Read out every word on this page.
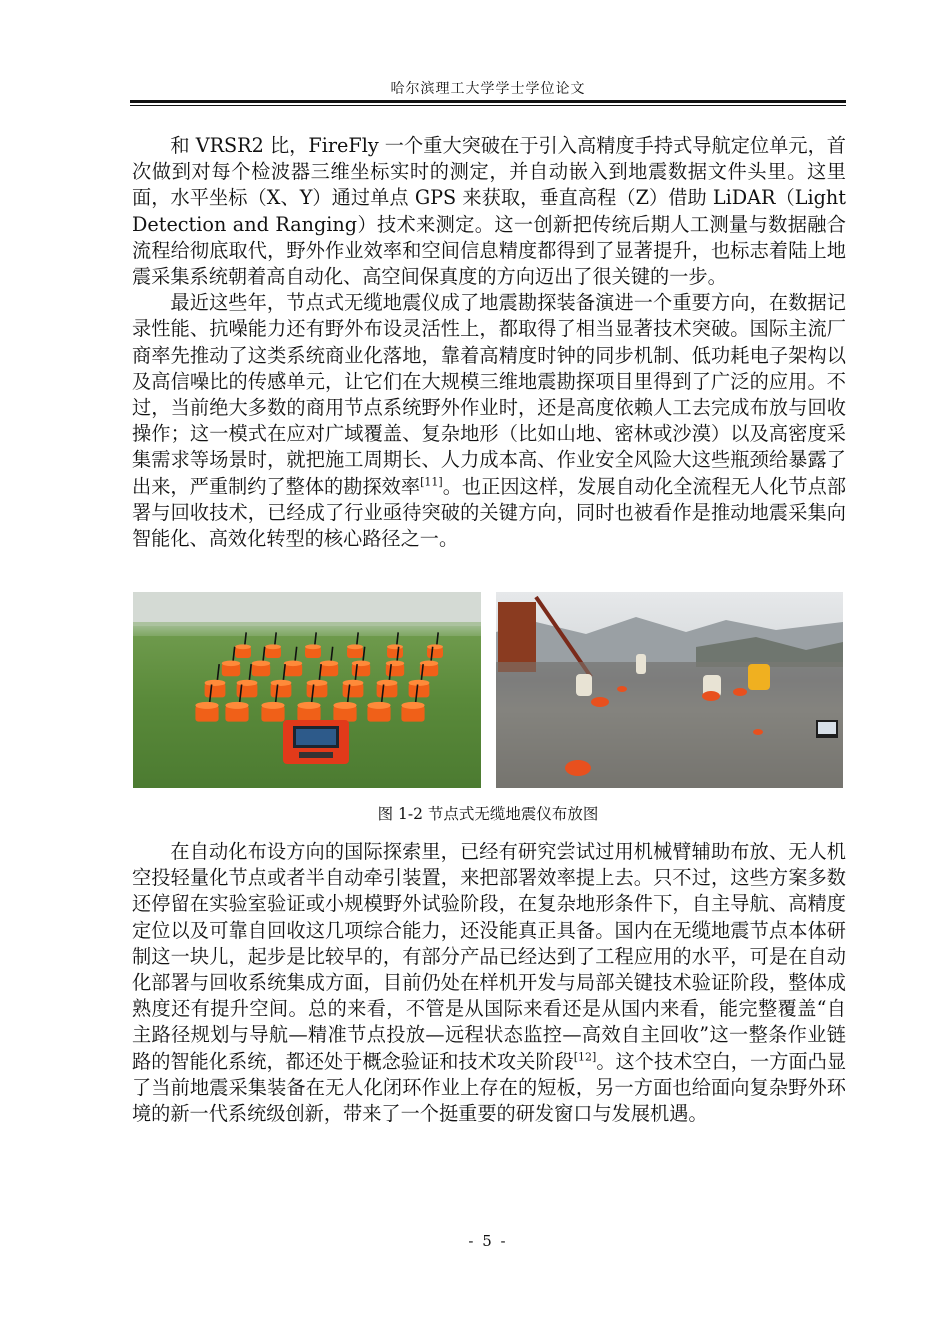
哈尔滨理工大学学士学位论文

和 VRSR2 比，FireFly 一个重大突破在于引入高精度手持式导航定位单元，首次做到对每个检波器三维坐标实时的测定，并自动嵌入到地震数据文件头里。这里面，水平坐标（X、Y）通过单点 GPS 来获取，垂直高程（Z）借助 LiDAR（Light Detection and Ranging）技术来测定。这一创新把传统后期人工测量与数据融合流程给彻底取代，野外作业效率和空间信息精度都得到了显著提升，也标志着陆上地震采集系统朝着高自动化、高空间保真度的方向迈出了很关键的一步。

最近这些年，节点式无缆地震仪成了地震勘探装备演进一个重要方向，在数据记录性能、抗噪能力还有野外布设灵活性上，都取得了相当显著技术突破。国际主流厂商率先推动了这类系统商业化落地，靠着高精度时钟的同步机制、低功耗电子架构以及高信噪比的传感单元，让它们在大规模三维地震勘探项目里得到了广泛的应用。不过，当前绝大多数的商用节点系统野外作业时，还是高度依赖人工去完成布放与回收操作；这一模式在应对广域覆盖、复杂地形（比如山地、密林或沙漠）以及高密度采集需求等场景时，就把施工周期长、人力成本高、作业安全风险大这些瓶颈给暴露了出来，严重制约了整体的勘探效率[11]。也正因这样，发展自动化全流程无人化节点部署与回收技术，已经成了行业亟待突破的关键方向，同时也被看作是推动地震采集向智能化、高效化转型的核心路径之一。

图 1-2 节点式无缆地震仪布放图

在自动化布设方向的国际探索里，已经有研究尝试过用机械臂辅助布放、无人机空投轻量化节点或者半自动牵引装置，来把部署效率提上去。只不过，这些方案多数还停留在实验室验证或小规模野外试验阶段，在复杂地形条件下，自主导航、高精度定位以及可靠自回收这几项综合能力，还没能真正具备。国内在无缆地震节点本体研制这一块儿，起步是比较早的，有部分产品已经达到了工程应用的水平，可是在自动化部署与回收系统集成方面，目前仍处在样机开发与局部关键技术验证阶段，整体成熟度还有提升空间。总的来看，不管是从国际来看还是从国内来看，能完整覆盖“自主路径规划与导航—精准节点投放—远程状态监控—高效自主回收”这一整条作业链路的智能化系统，都还处于概念验证和技术攻关阶段[12]。这个技术空白，一方面凸显了当前地震采集装备在无人化闭环作业上存在的短板，另一方面也给面向复杂野外环境的新一代系统级创新，带来了一个挺重要的研发窗口与发展机遇。

- 5 -
